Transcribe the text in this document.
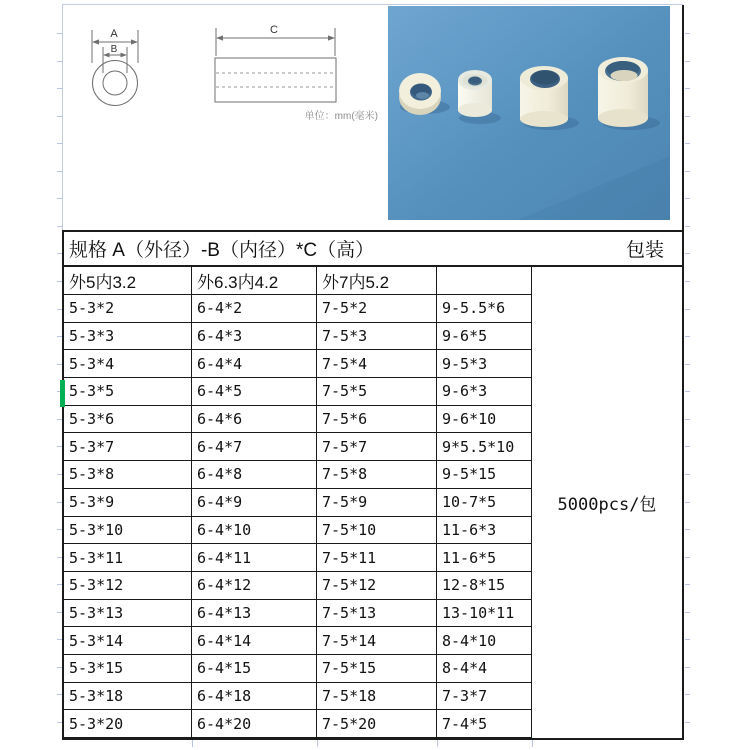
A
B
C
单位：mm(毫米)
规格 A（外径）-B（内径）*C（高）	包装
5000pcs/包
外5内3.2	外6.3内4.2	外7内5.2
5-3*2	6-4*2	7-5*2	9-5.5*6
5-3*3	6-4*3	7-5*3	9-6*5
5-3*4	6-4*4	7-5*4	9-5*3
5-3*5	6-4*5	7-5*5	9-6*3
5-3*6	6-4*6	7-5*6	9-6*10
5-3*7	6-4*7	7-5*7	9*5.5*10
5-3*8	6-4*8	7-5*8	9-5*15
5-3*9	6-4*9	7-5*9	10-7*5
5-3*10	6-4*10	7-5*10	11-6*3
5-3*11	6-4*11	7-5*11	11-6*5
5-3*12	6-4*12	7-5*12	12-8*15
5-3*13	6-4*13	7-5*13	13-10*11
5-3*14	6-4*14	7-5*14	8-4*10
5-3*15	6-4*15	7-5*15	8-4*4
5-3*18	6-4*18	7-5*18	7-3*7
5-3*20	6-4*20	7-5*20	7-4*5
